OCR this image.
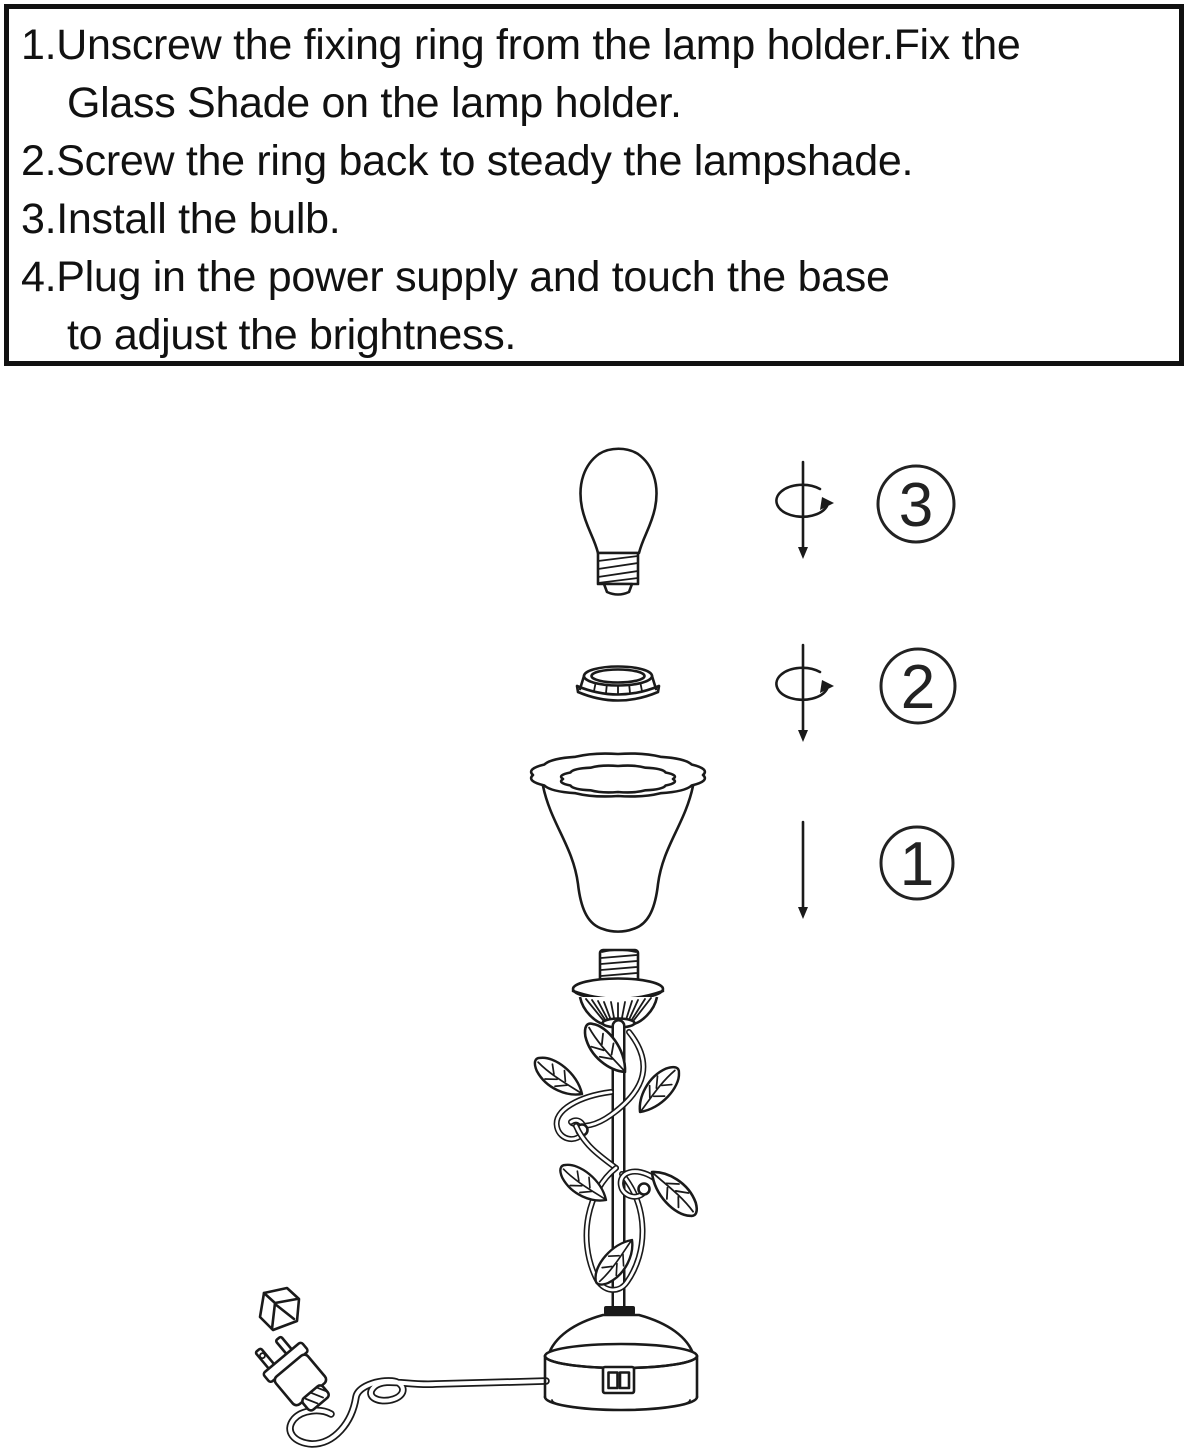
1.Unscrew the fixing ring from the lamp holder.Fix the
Glass Shade on the lamp holder.
2.Screw the ring back to steady the lampshade.
3.Install the bulb.
4.Plug in the power supply and touch the base
to adjust the brightness.
3
2
1
